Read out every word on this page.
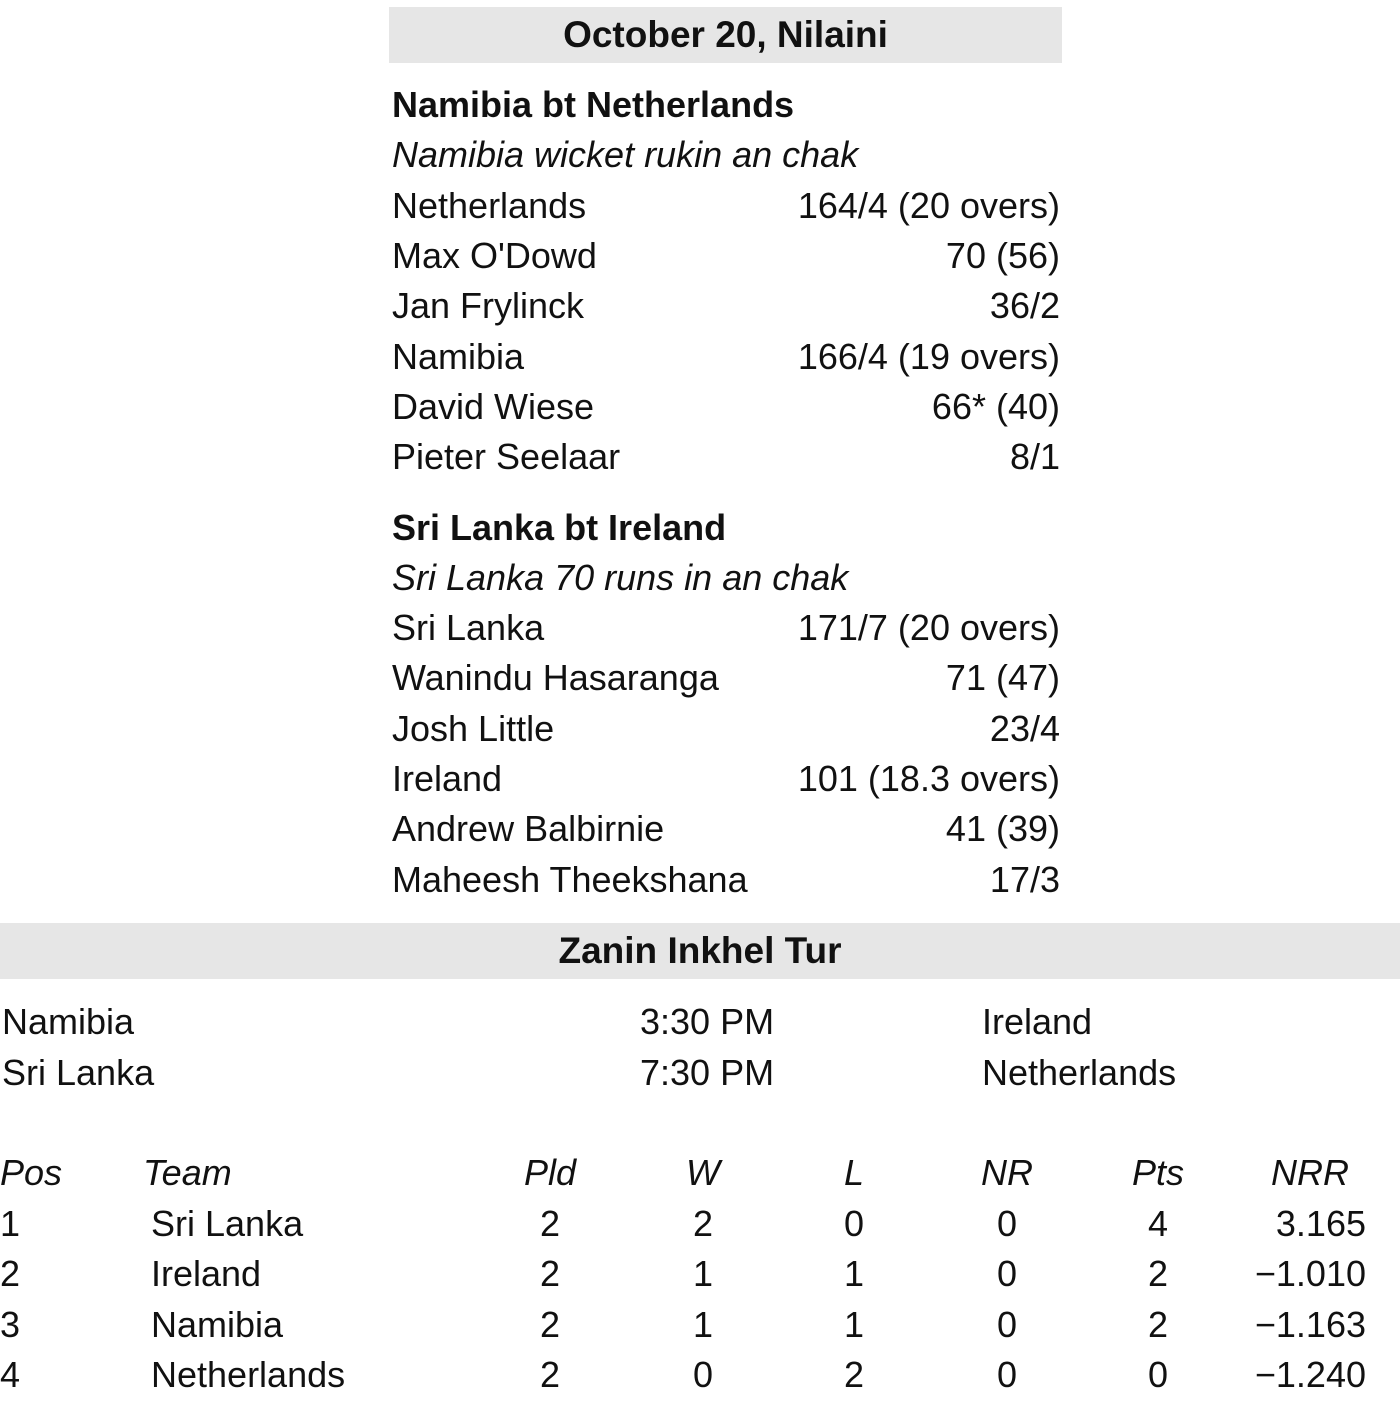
October 20, Nilaini
Namibia bt Netherlands
Namibia wicket rukin an chak
Netherlands	164/4 (20 overs)
Max O'Dowd	70 (56)
Jan Frylinck	36/2
Namibia	166/4 (19 overs)
David Wiese	66* (40)
Pieter Seelaar	8/1
Sri Lanka bt Ireland
Sri Lanka 70 runs in an chak
Sri Lanka	171/7 (20 overs)
Wanindu Hasaranga	71 (47)
Josh Little	23/4
Ireland	101 (18.3 overs)
Andrew Balbirnie	41 (39)
Maheesh Theekshana	17/3
Zanin Inkhel Tur
Namibia	3:30 PM	Ireland
Sri Lanka	7:30 PM	Netherlands
Pos Team	Pld	W	L	NR	Pts NRR
1	Sri Lanka	2	2	0	0	4	3.165
2	Ireland	2	1	1	0	2 −1.010
3	Namibia	2	1	1	0	2 −1.163
4	Netherlands	2	0	2	0	0 −1.240
